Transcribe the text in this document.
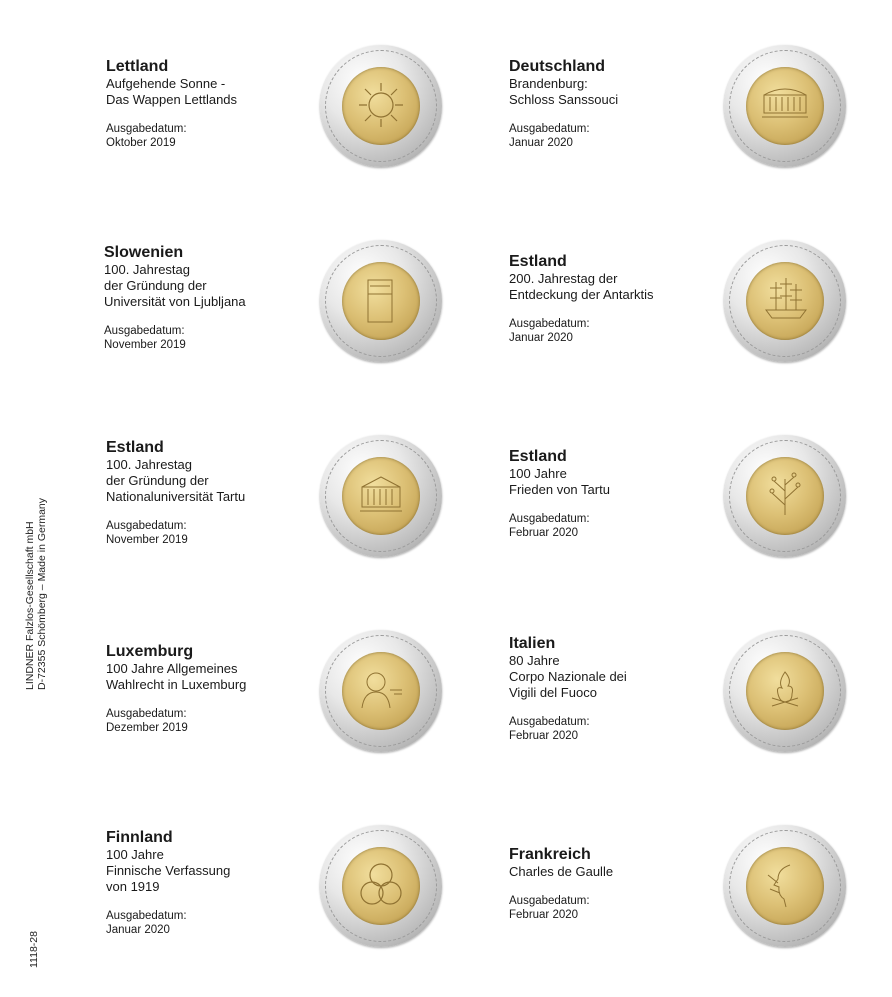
LINDNER Falzlos-Gesellschaft mbH D-72355 Schömberg – Made in Germany
1118-28
Lettland
Aufgehende Sonne -
Das Wappen Lettlands
Ausgabedatum:
Oktober 2019
Deutschland
Brandenburg:
Schloss Sanssouci
Ausgabedatum:
Januar 2020
Slowenien
100. Jahrestag
der Gründung der
Universität von Ljubljana
Ausgabedatum:
November 2019
Estland
200. Jahrestag der
Entdeckung der Antarktis
Ausgabedatum:
Januar 2020
Estland
100. Jahrestag
der Gründung der
Nationaluniversität Tartu
Ausgabedatum:
November 2019
Estland
100 Jahre
Frieden von Tartu
Ausgabedatum:
Februar 2020
Luxemburg
100 Jahre Allgemeines
Wahlrecht in Luxemburg
Ausgabedatum:
Dezember 2019
Italien
80 Jahre
Corpo Nazionale dei
Vigili del Fuoco
Ausgabedatum:
Februar 2020
Finnland
100 Jahre
Finnische Verfassung
von 1919
Ausgabedatum:
Januar 2020
Frankreich
Charles de Gaulle
Ausgabedatum:
Februar 2020
